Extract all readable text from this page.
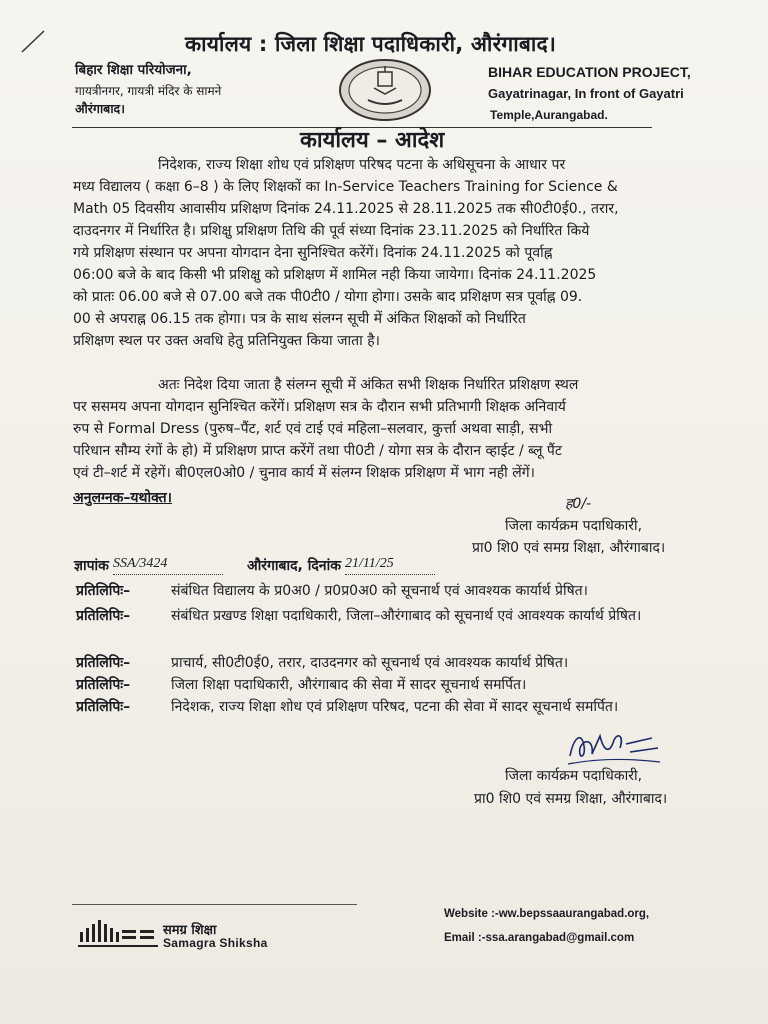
कार्यालय : जिला शिक्षा पदाधिकारी, औरंगाबाद।
बिहार शिक्षा परियोजना,
गायत्रीनगर, गायत्री मंदिर के सामने
औरंगाबाद।
BIHAR EDUCATION PROJECT,
Gayatrinagar, In front of Gayatri
Temple,Aurangabad.
कार्यालय – आदेश
निदेशक, राज्य शिक्षा शोध एवं प्रशिक्षण परिषद पटना के अधिसूचना के आधार पर
मध्य विद्यालय ( कक्षा 6–8 ) के लिए शिक्षकों का In-Service Teachers Training for Science &
Math 05 दिवसीय आवासीय प्रशिक्षण दिनांक 24.11.2025 से 28.11.2025 तक सी0टी0ई0., तरार,
दाउदनगर में निर्धारित है। प्रशिक्षु प्रशिक्षण तिथि की पूर्व संध्या दिनांक 23.11.2025 को निर्धारित किये
गये प्रशिक्षण संस्थान पर अपना योगदान देना सुनिश्चित करेंगें। दिनांक 24.11.2025 को पूर्वाह्न
06:00 बजे के बाद किसी भी प्रशिक्षु को प्रशिक्षण में शामिल नही किया जायेगा। दिनांक 24.11.2025
को प्रातः 06.00 बजे से 07.00 बजे तक पी0टी0 / योगा होगा। उसके बाद प्रशिक्षण सत्र पूर्वाह्न 09.
00 से अपराह्न 06.15 तक होगा। पत्र के साथ संलग्न सूची में अंकित शिक्षकों को निर्धारित
प्रशिक्षण स्थल पर उक्त अवधि हेतु प्रतिनियुक्त किया जाता है।
अतः निदेश दिया जाता है संलग्न सूची में अंकित सभी शिक्षक निर्धारित प्रशिक्षण स्थल
पर ससमय अपना योगदान सुनिश्चित करेंगें। प्रशिक्षण सत्र के दौरान सभी प्रतिभागी शिक्षक अनिवार्य
रुप से Formal Dress (पुरुष–पैंट, शर्ट एवं टाई एवं महिला–सलवार, कुर्त्ता अथवा साड़ी, सभी
परिधान सौम्य रंगों के हो) में प्रशिक्षण प्राप्त करेंगें तथा पी0टी / योगा सत्र के दौरान व्हाईट / ब्लू पैंट
एवं टी–शर्ट में रहेगें। बी0एल0ओ0 / चुनाव कार्य में संलग्न शिक्षक प्रशिक्षण में भाग नही लेंगें।
अनुलग्नक–यथोक्त।	ह0/-
जिला कार्यक्रम पदाधिकारी,
प्रा0 शि0 एवं समग्र शिक्षा, औरंगाबाद।
ज्ञापांक SSA/3424	औरंगाबाद, दिनांक 21/11/25
प्रतिलिपिः–	संबंधित विद्यालय के प्र0अ0 / प्र0प्र0अ0 को सूचनार्थ एवं आवश्यक कार्यार्थ प्रेषित।
प्रतिलिपिः–	संबंधित प्रखण्ड शिक्षा पदाधिकारी, जिला–औरंगाबाद को सूचनार्थ एवं आवश्यक कार्यार्थ प्रेषित।
प्रतिलिपिः–	प्राचार्य, सी0टी0ई0, तरार, दाउदनगर को सूचनार्थ एवं आवश्यक कार्यार्थ प्रेषित।
प्रतिलिपिः–	जिला शिक्षा पदाधिकारी, औरंगाबाद की सेवा में सादर सूचनार्थ समर्पित।
प्रतिलिपिः–	निदेशक, राज्य शिक्षा शोध एवं प्रशिक्षण परिषद, पटना की सेवा में सादर सूचनार्थ समर्पित।
जिला कार्यक्रम पदाधिकारी,
प्रा0 शि0 एवं समग्र शिक्षा, औरंगाबाद।
समग्र शिक्षा
Samagra Shiksha
Website :-ww.bepssaaurangabad.org,
Email :-ssa.arangabad@gmail.com
